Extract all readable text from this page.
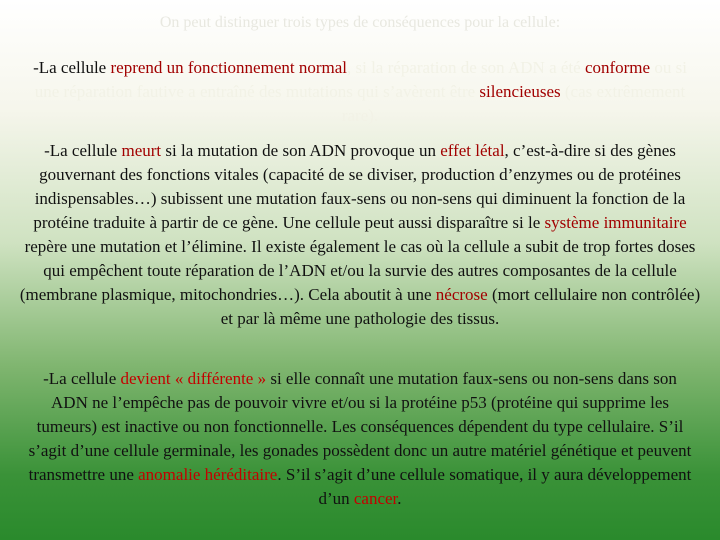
On peut distinguer trois types de conséquences pour la cellule:

-La cellule reprend un fonctionnement normal, si la réparation de son ADN a été conforme ou si une réparation fautive a entraîné des mutations qui s’avèrent être silencieuses (cas extrêmement rare).

-La cellule meurt si la mutation de son ADN provoque un effet létal, c’est-à-dire si des gènes gouvernant des fonctions vitales (capacité de se diviser, production d’enzymes ou de protéines indispensables…) subissent une mutation faux-sens ou non-sens qui diminuent la fonction de la protéine traduite à partir de ce gène. Une cellule peut aussi disparaître si le système immunitaire repère une mutation et l’élimine. Il existe également le cas où la cellule a subit de trop fortes doses qui empêchent toute réparation de l’ADN et/ou la survie des autres composantes de la cellule (membrane plasmique, mitochondries…). Cela aboutit à une nécrose (mort cellulaire non contrôlée) et par là même une pathologie des tissus.

-La cellule devient « différente » si elle connaît une mutation faux-sens ou non-sens dans son ADN ne l’empêche pas de pouvoir vivre et/ou si la protéine p53 (protéine qui supprime les tumeurs) est inactive ou non fonctionnelle. Les conséquences dépendent du type cellulaire. S’il s’agit d’une cellule germinale, les gonades possèdent donc un autre matériel génétique et peuvent transmettre une anomalie héréditaire. S’il s’agit d’une cellule somatique, il y aura développement d’un cancer.
